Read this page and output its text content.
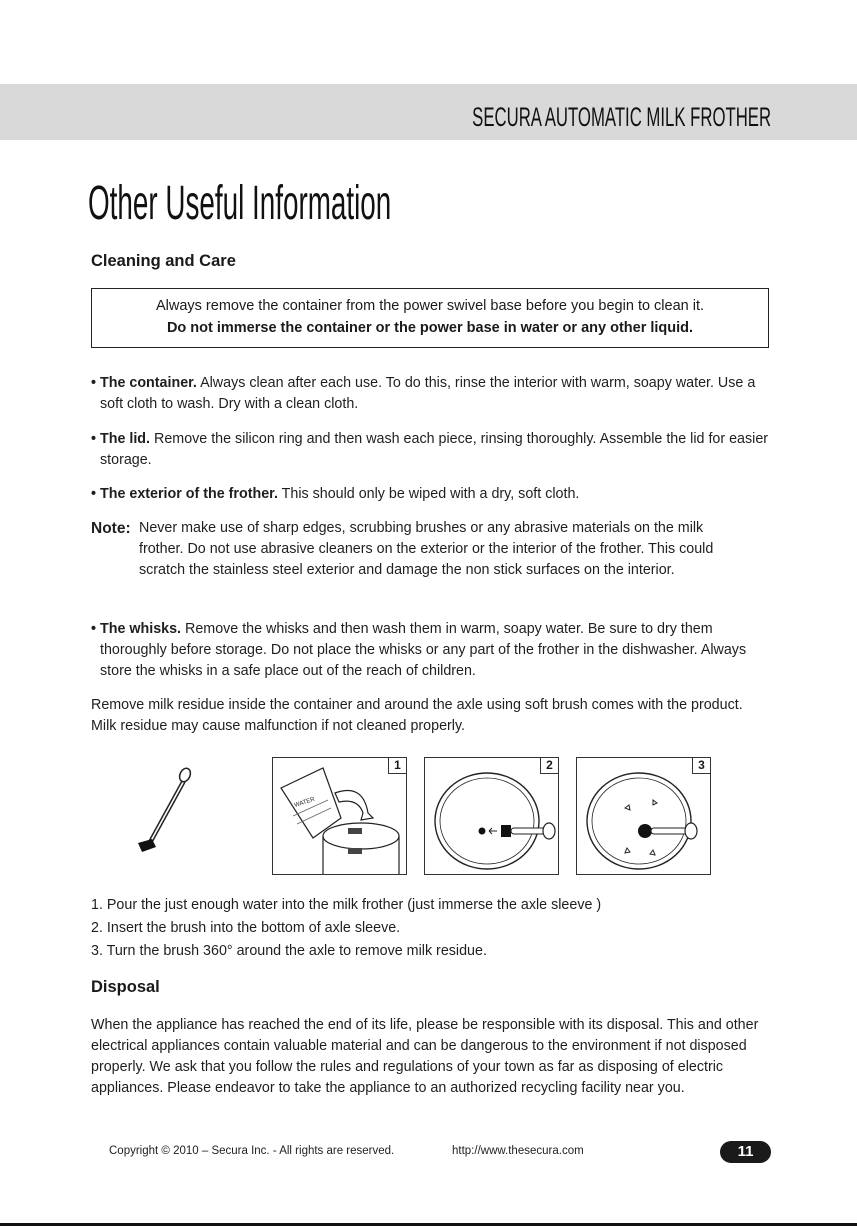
SECURA AUTOMATIC MILK FROTHER
Other Useful Information
Cleaning and Care
Always remove the container from the power swivel base before you begin to clean it.
Do not immerse the container or the power base in water or any other liquid.
• The container. Always clean after each use. To do this, rinse the interior with warm, soapy water. Use a soft cloth to wash. Dry with a clean cloth.
• The lid. Remove the silicon ring and then wash each piece, rinsing thoroughly. Assemble the lid for easier storage.
• The exterior of the frother. This should only be wiped with a dry, soft cloth.
Note: Never make use of sharp edges, scrubbing brushes or any abrasive materials on the milk frother. Do not use abrasive cleaners on the exterior or the interior of the frother. This could scratch the stainless steel exterior and damage the non stick surfaces on the interior.
• The whisks. Remove the whisks and then wash them in warm, soapy water. Be sure to dry them thoroughly before storage. Do not place the whisks or any part of the frother in the dishwasher. Always store the whisks in a safe place out of the reach of children.
Remove milk residue inside the container and around the axle using soft brush comes with the product. Milk residue may cause malfunction if not cleaned properly.
WATER
1	2	3
1. Pour the just enough water into the milk frother (just immerse the axle sleeve )
2. Insert the brush into the bottom of axle sleeve.
3. Turn the brush 360° around the axle to remove milk residue.
Disposal
When the appliance has reached the end of its life, please be responsible with its disposal. This and other electrical appliances contain valuable material and can be dangerous to the environment if not disposed properly. We ask that you follow the rules and regulations of your town as far as disposing of electric appliances. Please endeavor to take the appliance to an authorized recycling facility near you.
Copyright © 2010 – Secura Inc. - All rights are reserved.	http://www.thesecura.com	11
